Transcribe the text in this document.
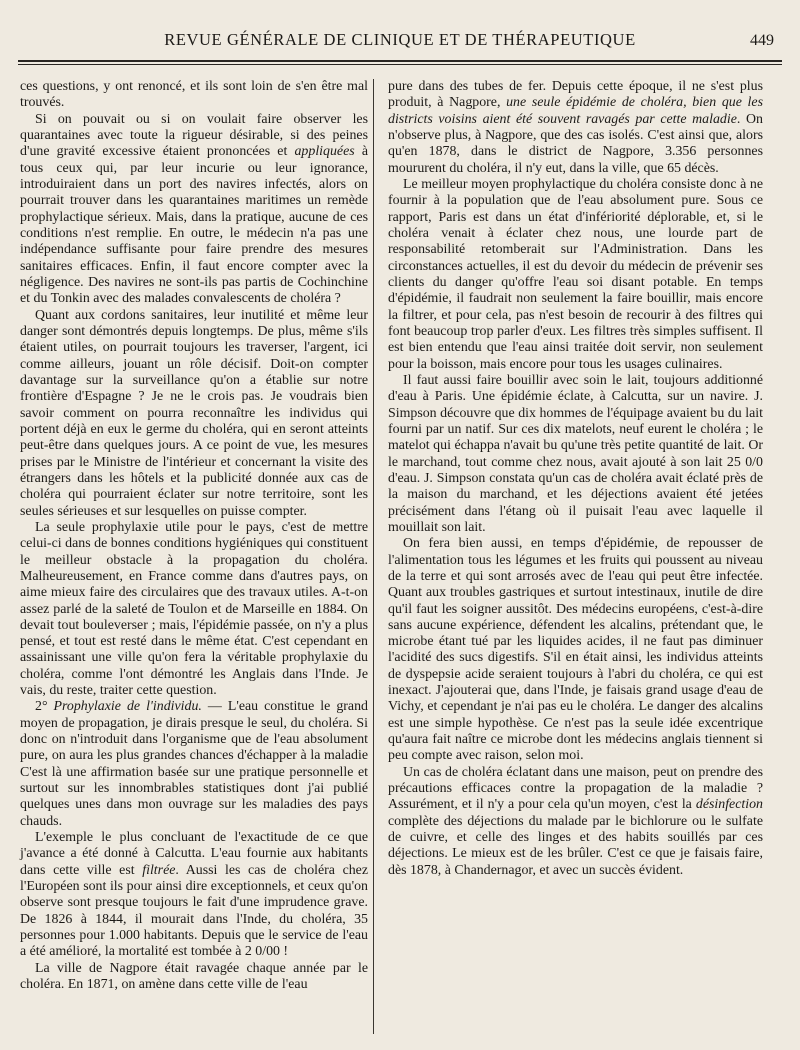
REVUE GÉNÉRALE DE CLINIQUE ET DE THÉRAPEUTIQUE	449

ces questions, y ont renoncé, et ils sont loin de s'en être mal trouvés.

Si on pouvait ou si on voulait faire observer les quarantaines avec toute la rigueur désirable, si des peines d'une gravité excessive étaient prononcées et appliquées à tous ceux qui, par leur incurie ou leur ignorance, introduiraient dans un port des navires infectés, alors on pourrait trouver dans les quarantaines maritimes un remède prophylactique sérieux. Mais, dans la pratique, aucune de ces conditions n'est remplie. En outre, le médecin n'a pas une indépendance suffisante pour faire prendre des mesures sanitaires efficaces. Enfin, il faut encore compter avec la négligence. Des navires ne sont-ils pas partis de Cochinchine et du Tonkin avec des malades convalescents de choléra ?

Quant aux cordons sanitaires, leur inutilité et même leur danger sont démontrés depuis longtemps. De plus, même s'ils étaient utiles, on pourrait toujours les traverser, l'argent, ici comme ailleurs, jouant un rôle décisif. Doit-on compter davantage sur la surveillance qu'on a établie sur notre frontière d'Espagne ? Je ne le crois pas. Je voudrais bien savoir comment on pourra reconnaître les individus qui portent déjà en eux le germe du choléra, qui en seront atteints peut-être dans quelques jours. A ce point de vue, les mesures prises par le Ministre de l'intérieur et concernant la visite des étrangers dans les hôtels et la publicité donnée aux cas de choléra qui pourraient éclater sur notre territoire, sont les seules sérieuses et sur lesquelles on puisse compter.

La seule prophylaxie utile pour le pays, c'est de mettre celui-ci dans de bonnes conditions hygiéniques qui constituent le meilleur obstacle à la propagation du choléra. Malheureusement, en France comme dans d'autres pays, on aime mieux faire des circulaires que des travaux utiles. A-t-on assez parlé de la saleté de Toulon et de Marseille en 1884. On devait tout bouleverser ; mais, l'épidémie passée, on n'y a plus pensé, et tout est resté dans le même état. C'est cependant en assainissant une ville qu'on fera la véritable prophylaxie du choléra, comme l'ont démontré les Anglais dans l'Inde. Je vais, du reste, traiter cette question.

2° Prophylaxie de l'individu. — L'eau constitue le grand moyen de propagation, je dirais presque le seul, du choléra. Si donc on n'introduit dans l'organisme que de l'eau absolument pure, on aura les plus grandes chances d'échapper à la maladie C'est là une affirmation basée sur une pratique personnelle et surtout sur les innombrables statistiques dont j'ai publié quelques unes dans mon ouvrage sur les maladies des pays chauds.

L'exemple le plus concluant de l'exactitude de ce que j'avance a été donné à Calcutta. L'eau fournie aux habitants dans cette ville est filtrée. Aussi les cas de choléra chez l'Européen sont ils pour ainsi dire exceptionnels, et ceux qu'on observe sont presque toujours le fait d'une imprudence grave. De 1826 à 1844, il mourait dans l'Inde, du choléra, 35 personnes pour 1.000 habitants. Depuis que le service de l'eau a été amélioré, la mortalité est tombée à 2 0/00 !

La ville de Nagpore était ravagée chaque année par le choléra. En 1871, on amène dans cette ville de l'eau

pure dans des tubes de fer. Depuis cette époque, il ne s'est plus produit, à Nagpore, une seule épidémie de choléra, bien que les districts voisins aient été souvent ravagés par cette maladie. On n'observe plus, à Nagpore, que des cas isolés. C'est ainsi que, alors qu'en 1878, dans le district de Nagpore, 3.356 personnes moururent du choléra, il n'y eut, dans la ville, que 65 décès.

Le meilleur moyen prophylactique du choléra consiste donc à ne fournir à la population que de l'eau absolument pure. Sous ce rapport, Paris est dans un état d'infériorité déplorable, et, si le choléra venait à éclater chez nous, une lourde part de responsabilité retomberait sur l'Administration. Dans les circonstances actuelles, il est du devoir du médecin de prévenir ses clients du danger qu'offre l'eau soi disant potable. En temps d'épidémie, il faudrait non seulement la faire bouillir, mais encore la filtrer, et pour cela, pas n'est besoin de recourir à des filtres qui font beaucoup trop parler d'eux. Les filtres très simples suffisent. Il est bien entendu que l'eau ainsi traitée doit servir, non seulement pour la boisson, mais encore pour tous les usages culinaires.

Il faut aussi faire bouillir avec soin le lait, toujours additionné d'eau à Paris. Une épidémie éclate, à Calcutta, sur un navire. J. Simpson découvre que dix hommes de l'équipage avaient bu du lait fourni par un natif. Sur ces dix matelots, neuf eurent le choléra ; le matelot qui échappa n'avait bu qu'une très petite quantité de lait. Or le marchand, tout comme chez nous, avait ajouté à son lait 25 0/0 d'eau. J. Simpson constata qu'un cas de choléra avait éclaté près de la maison du marchand, et les déjections avaient été jetées précisément dans l'étang où il puisait l'eau avec laquelle il mouillait son lait.

On fera bien aussi, en temps d'épidémie, de repousser de l'alimentation tous les légumes et les fruits qui poussent au niveau de la terre et qui sont arrosés avec de l'eau qui peut être infectée. Quant aux troubles gastriques et surtout intestinaux, inutile de dire qu'il faut les soigner aussitôt. Des médecins européens, c'est-à-dire sans aucune expérience, défendent les alcalins, prétendant que, le microbe étant tué par les liquides acides, il ne faut pas diminuer l'acidité des sucs digestifs. S'il en était ainsi, les individus atteints de dyspepsie acide seraient toujours à l'abri du choléra, ce qui est inexact. J'ajouterai que, dans l'Inde, je faisais grand usage d'eau de Vichy, et cependant je n'ai pas eu le choléra. Le danger des alcalins est une simple hypothèse. Ce n'est pas la seule idée excentrique qu'aura fait naître ce microbe dont les médecins anglais tiennent si peu compte avec raison, selon moi.

Un cas de choléra éclatant dans une maison, peut on prendre des précautions efficaces contre la propagation de la maladie ? Assurément, et il n'y a pour cela qu'un moyen, c'est la désinfection complète des déjections du malade par le bichlorure ou le sulfate de cuivre, et celle des linges et des habits souillés par ces déjections. Le mieux est de les brûler. C'est ce que je faisais faire, dès 1878, à Chandernagor, et avec un succès évident.
